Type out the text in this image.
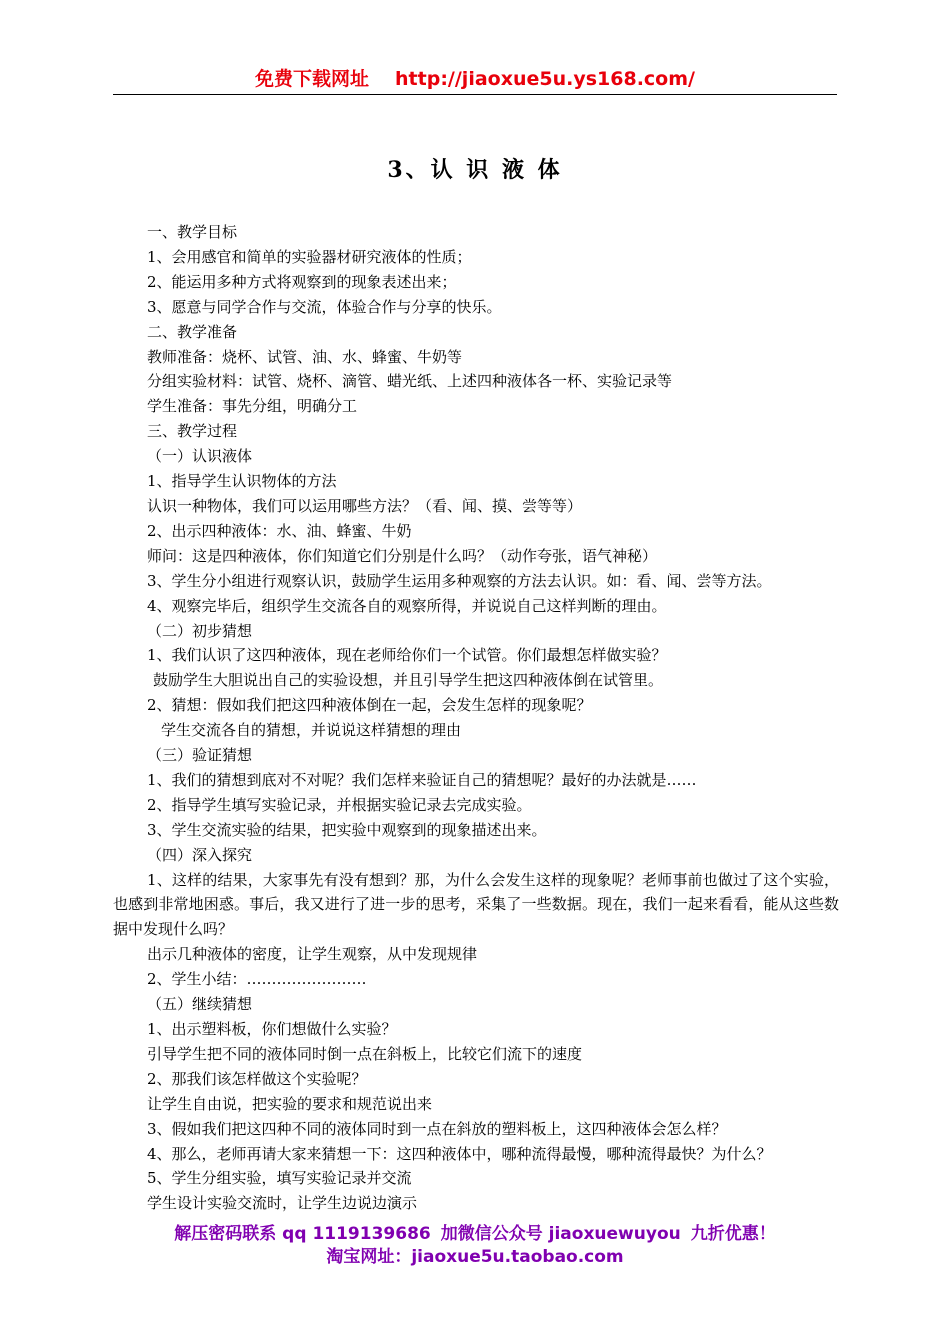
免费下载网址 http://jiaoxue5u.ys168.com/
3、认 识 液 体
一、教学目标
1、会用感官和简单的实验器材研究液体的性质；
2、能运用多种方式将观察到的现象表述出来；
3、愿意与同学合作与交流，体验合作与分享的快乐。
二、教学准备
教师准备：烧杯、试管、油、水、蜂蜜、牛奶等
分组实验材料：试管、烧杯、滴管、蜡光纸、上述四种液体各一杯、实验记录等
学生准备：事先分组，明确分工
三、教学过程
（一）认识液体
1、指导学生认识物体的方法
认识一种物体，我们可以运用哪些方法？（看、闻、摸、尝等等）
2、出示四种液体：水、油、蜂蜜、牛奶
师问：这是四种液体，你们知道它们分别是什么吗？（动作夸张，语气神秘）
3、学生分小组进行观察认识，鼓励学生运用多种观察的方法去认识。如：看、闻、尝等方法。
4、观察完毕后，组织学生交流各自的观察所得，并说说自己这样判断的理由。
（二）初步猜想
1、我们认识了这四种液体，现在老师给你们一个试管。你们最想怎样做实验？
鼓励学生大胆说出自己的实验设想，并且引导学生把这四种液体倒在试管里。
2、猜想：假如我们把这四种液体倒在一起，会发生怎样的现象呢？
学生交流各自的猜想，并说说这样猜想的理由
（三）验证猜想
1、我们的猜想到底对不对呢？我们怎样来验证自己的猜想呢？最好的办法就是……
2、指导学生填写实验记录，并根据实验记录去完成实验。
3、学生交流实验的结果，把实验中观察到的现象描述出来。
（四）深入探究
1、这样的结果，大家事先有没有想到？那，为什么会发生这样的现象呢？老师事前也做过了这个实验，也感到非常地困惑。事后，我又进行了进一步的思考，采集了一些数据。现在，我们一起来看看，能从这些数据中发现什么吗？
出示几种液体的密度，让学生观察，从中发现规律
2、学生小结：……………………
（五）继续猜想
1、出示塑料板，你们想做什么实验？
引导学生把不同的液体同时倒一点在斜板上，比较它们流下的速度
2、那我们该怎样做这个实验呢？
让学生自由说，把实验的要求和规范说出来
3、假如我们把这四种不同的液体同时到一点在斜放的塑料板上，这四种液体会怎么样？
4、那么，老师再请大家来猜想一下：这四种液体中，哪种流得最慢，哪种流得最快？为什么？
5、学生分组实验，填写实验记录并交流
学生设计实验交流时，让学生边说边演示
解压密码联系 qq 1119139686 加微信公众号 jiaoxuewuyou 九折优惠！
淘宝网址：jiaoxue5u.taobao.com
